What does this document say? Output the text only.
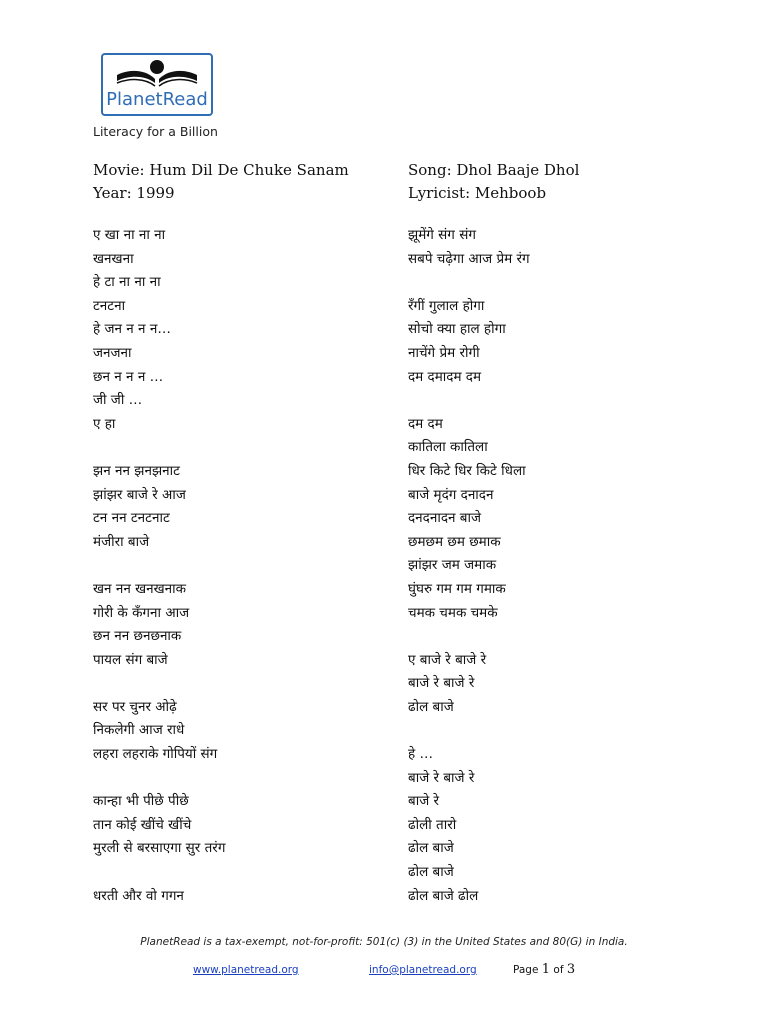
PlanetRead
Literacy for a Billion
Movie: Hum Dil De Chuke Sanam
Year: 1999
Song: Dhol Baaje Dhol
Lyricist: Mehboob
ए खा ना ना ना
खनखना
हे टा ना ना ना
टनटना
हे जन न न न…
जनजना
छन न न न …
जी जी …
ए हा
झन नन झनझनाट
झांझर बाजे रे आज
टन नन टनटनाट
मंजीरा बाजे
खन नन खनखनाक
गोरी के कँगना आज
छन नन छनछनाक
पायल संग बाजे
सर पर चुनर ओढ़े
निकलेगी आज राधे
लहरा लहराके गोपियों संग
कान्हा भी पीछे पीछे
तान कोई खींचे खींचे
मुरली से बरसाएगा सुर तरंग
धरती और वो गगन
झूमेंगे संग संग
सबपे चढ़ेगा आज प्रेम रंग
रँगीं गुलाल होगा
सोचो क्या हाल होगा
नाचेंगे प्रेम रोगी
दम दमादम दम
दम दम
कातिला कातिला
धिर किटे धिर किटे धिला
बाजे मृदंग दनादन
दनदनादन बाजे
छमछम छम छमाक
झांझर जम जमाक
घुंघरु गम गम गमाक
चमक चमक चमके
ए बाजे रे बाजे रे
बाजे रे बाजे रे
ढोल बाजे
हे …
बाजे रे बाजे रे
बाजे रे
ढोली तारो
ढोल बाजे
ढोल बाजे
ढोल बाजे ढोल
PlanetRead is a tax-exempt, not-for-profit: 501(c) (3) in the United States and 80(G) in India.
www.planetread.org	info@planetread.org	Page 1 of 3
